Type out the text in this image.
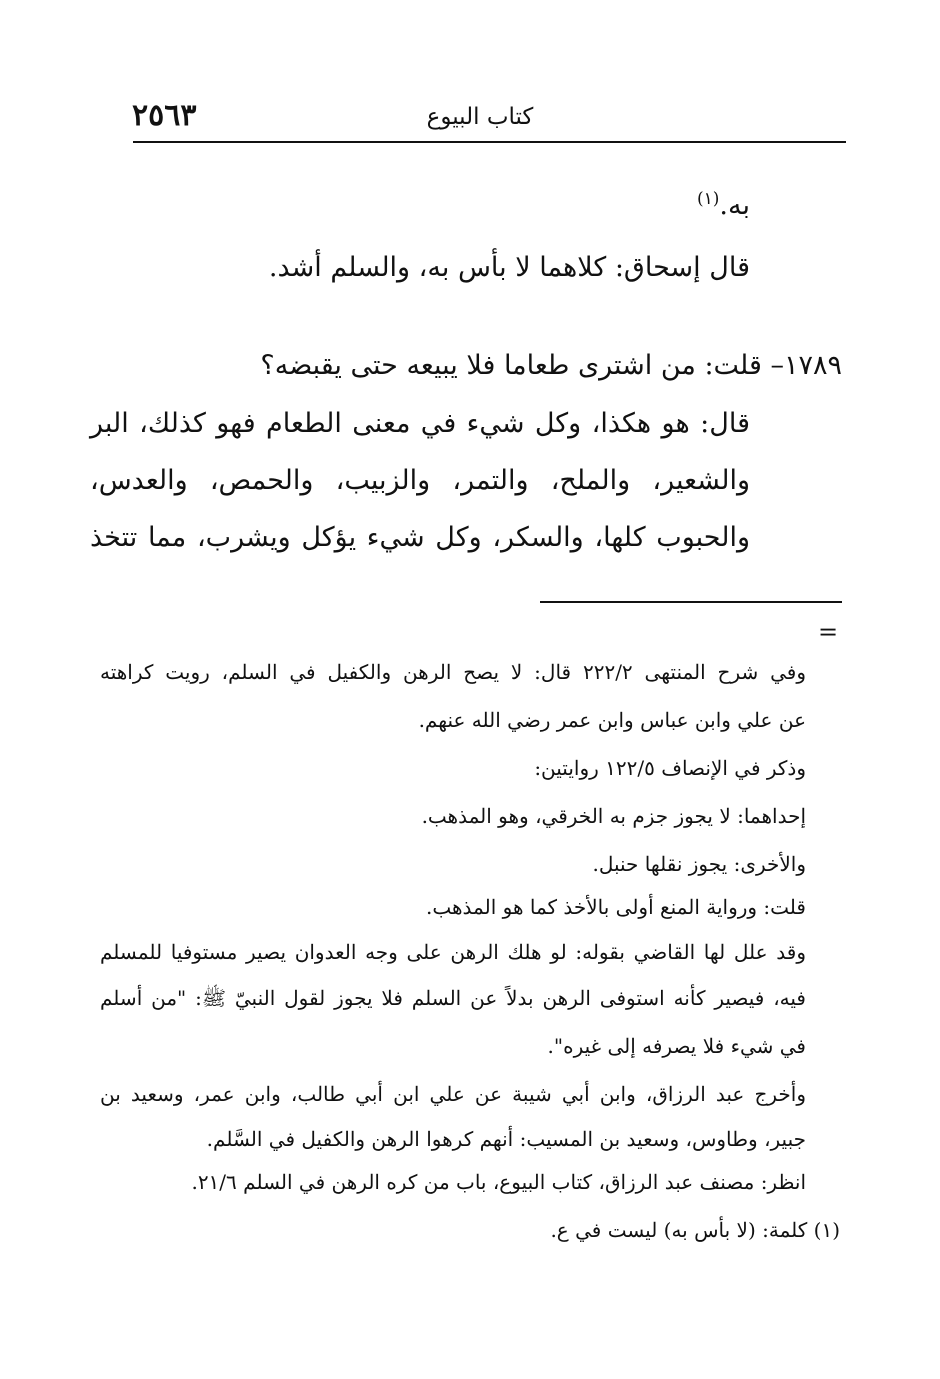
٢٥٦٣	كتاب البيوع
به.$^{(١)}$
قال إسحاق: كلاهما لا بأس به، والسلم أشد.
١٧٨٩– قلت: من اشترى طعاما فلا يبيعه حتى يقبضه؟
قال: هو هكذا، وكل شيء في معنى الطعام فهو كذلك، البر
والشعير، والملح، والتمر، والزبيب، والحمص، والعدس،
والحبوب كلها، والسكر، وكل شيء يؤكل ويشرب، مما تتخذ
=
وفي شرح المنتهى ٢٢٢/٢ قال: لا يصح الرهن والكفيل في السلم، رويت كراهته
عن علي وابن عباس وابن عمر رضي الله عنهم.
وذكر في الإنصاف ١٢٢/٥ روايتين:
إحداهما: لا يجوز جزم به الخرقي، وهو المذهب.
والأخرى: يجوز نقلها حنبل.
قلت: ورواية المنع أولى بالأخذ كما هو المذهب.
وقد علل لها القاضي بقوله: لو هلك الرهن على وجه العدوان يصير مستوفيا للمسلم
فيه، فيصير كأنه استوفى الرهن بدلاً عن السلم فلا يجوز لقول النبيّ ﷺ: "من أسلم
في شيء فلا يصرفه إلى غيره".
وأخرج عبد الرزاق، وابن أبي شيبة عن علي ابن أبي طالب، وابن عمر، وسعيد بن
جبير، وطاوس، وسعيد بن المسيب: أنهم كرهوا الرهن والكفيل في السَّلم.
انظر: مصنف عبد الرزاق، كتاب البيوع، باب من كره الرهن في السلم ٢١/٦.
(١) كلمة: (لا بأس به) ليست في ع.
